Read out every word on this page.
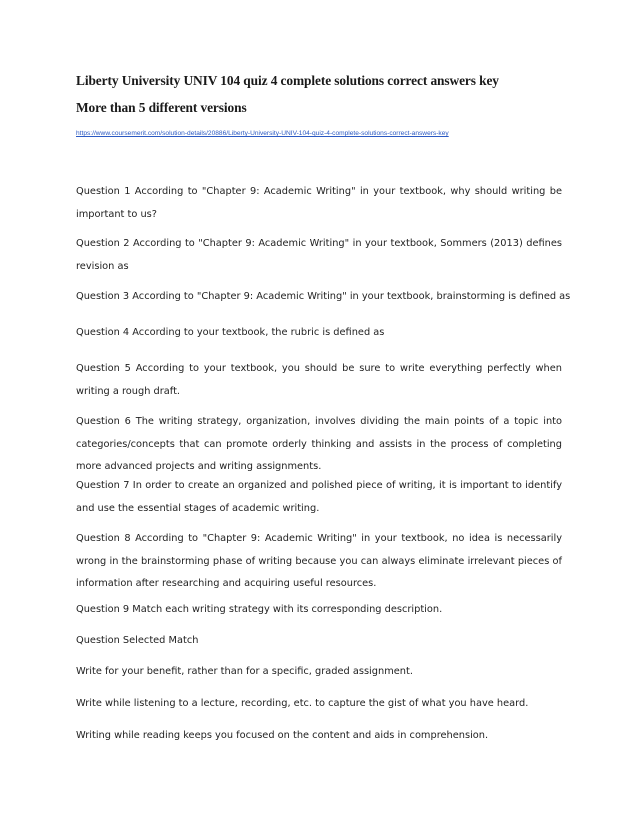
Liberty University UNIV 104 quiz 4 complete solutions correct answers key
More than 5 different versions
https://www.coursemerit.com/solution-details/20886/Liberty-University-UNIV-104-quiz-4-complete-solutions-correct-answers-key

Question 1 According to "Chapter 9: Academic Writing" in your textbook, why should writing be important to us?

Question 2 According to "Chapter 9: Academic Writing" in your textbook, Sommers (2013) defines revision as

Question 3 According to "Chapter 9: Academic Writing" in your textbook, brainstorming is defined as

Question 4 According to your textbook, the rubric is defined as

Question 5 According to your textbook, you should be sure to write everything perfectly when writing a rough draft.

Question 6 The writing strategy, organization, involves dividing the main points of a topic into categories/concepts that can promote orderly thinking and assists in the process of completing more advanced projects and writing assignments.

Question 7 In order to create an organized and polished piece of writing, it is important to identify and use the essential stages of academic writing.

Question 8 According to "Chapter 9: Academic Writing" in your textbook, no idea is necessarily wrong in the brainstorming phase of writing because you can always eliminate irrelevant pieces of information after researching and acquiring useful resources.

Question 9 Match each writing strategy with its corresponding description.

Question Selected Match

Write for your benefit, rather than for a specific, graded assignment.

Write while listening to a lecture, recording, etc. to capture the gist of what you have heard.

Writing while reading keeps you focused on the content and aids in comprehension.
